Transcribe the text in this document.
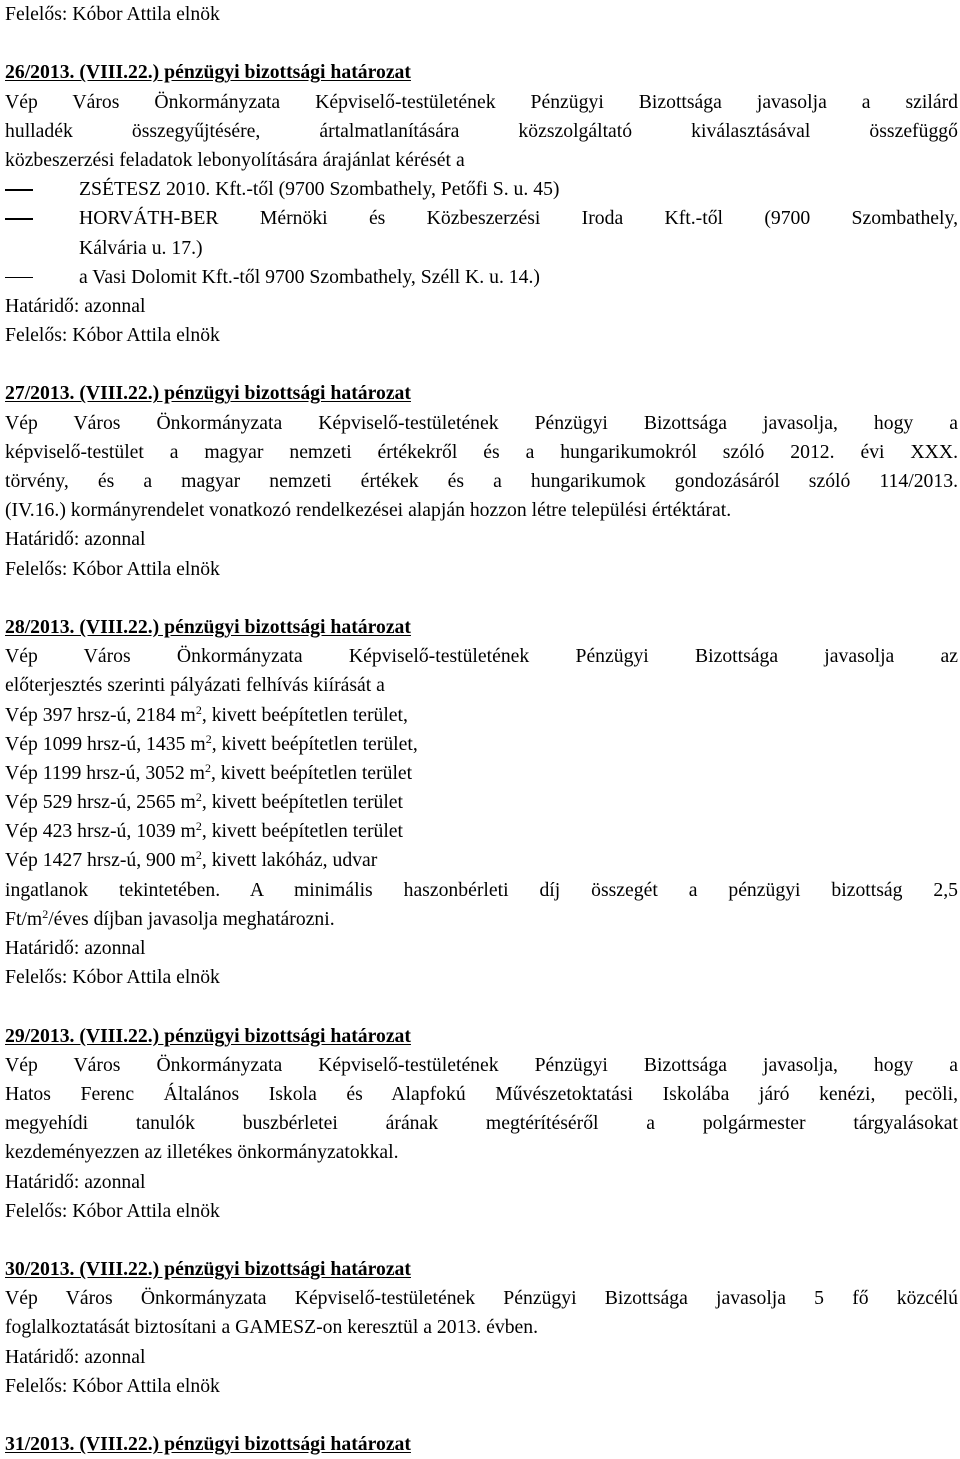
Felelős: Kóbor Attila elnök
26/2013. (VIII.22.) pénzügyi bizottsági határozat
Vép Város Önkormányzata Képviselő-testületének Pénzügyi Bizottsága javasolja a szilárd
hulladék összegyűjtésére, ártalmatlanítására közszolgáltató kiválasztásával összefüggő
közbeszerzési feladatok lebonyolítására árajánlat kérését a
ZSÉTESZ 2010. Kft.-től (9700 Szombathely, Petőfi S. u. 45)
HORVÁTH-BER Mérnöki és Közbeszerzési Iroda Kft.-től (9700 Szombathely,
Kálvária u. 17.)
a Vasi Dolomit Kft.-től 9700 Szombathely, Széll K. u. 14.)
Határidő: azonnal
Felelős: Kóbor Attila elnök
27/2013. (VIII.22.) pénzügyi bizottsági határozat
Vép Város Önkormányzata Képviselő-testületének Pénzügyi Bizottsága javasolja, hogy a
képviselő-testület a magyar nemzeti értékekről és a hungarikumokról szóló 2012. évi XXX.
törvény, és a magyar nemzeti értékek és a hungarikumok gondozásáról szóló 114/2013.
(IV.16.) kormányrendelet vonatkozó rendelkezései alapján hozzon létre települési értéktárat.
Határidő: azonnal
Felelős: Kóbor Attila elnök
28/2013. (VIII.22.) pénzügyi bizottsági határozat
Vép Város Önkormányzata Képviselő-testületének Pénzügyi Bizottsága javasolja az
előterjesztés szerinti pályázati felhívás kiírását a
Vép 397 hrsz-ú, 2184 $m^2$, kivett beépítetlen terület,
Vép 1099 hrsz-ú, 1435 $m^2$, kivett beépítetlen terület,
Vép 1199 hrsz-ú, 3052 $m^2$, kivett beépítetlen terület
Vép 529 hrsz-ú, 2565 $m^2$, kivett beépítetlen terület
Vép 423 hrsz-ú, 1039 $m^2$, kivett beépítetlen terület
Vép 1427 hrsz-ú, 900 $m^2$, kivett lakóház, udvar
ingatlanok tekintetében. A minimális haszonbérleti díj összegét a pénzügyi bizottság 2,5
$Ft/m^2$/éves díjban javasolja meghatározni.
Határidő: azonnal
Felelős: Kóbor Attila elnök
29/2013. (VIII.22.) pénzügyi bizottsági határozat
Vép Város Önkormányzata Képviselő-testületének Pénzügyi Bizottsága javasolja, hogy a
Hatos Ferenc Általános Iskola és Alapfokú Művészetoktatási Iskolába járó kenézi, pecöli,
megyehídi tanulók buszbérletei árának megtérítéséről a polgármester tárgyalásokat
kezdeményezzen az illetékes önkormányzatokkal.
Határidő: azonnal
Felelős: Kóbor Attila elnök
30/2013. (VIII.22.) pénzügyi bizottsági határozat
Vép Város Önkormányzata Képviselő-testületének Pénzügyi Bizottsága javasolja 5 fő közcélú
foglalkoztatását biztosítani a GAMESZ-on keresztül a 2013. évben.
Határidő: azonnal
Felelős: Kóbor Attila elnök
31/2013. (VIII.22.) pénzügyi bizottsági határozat
